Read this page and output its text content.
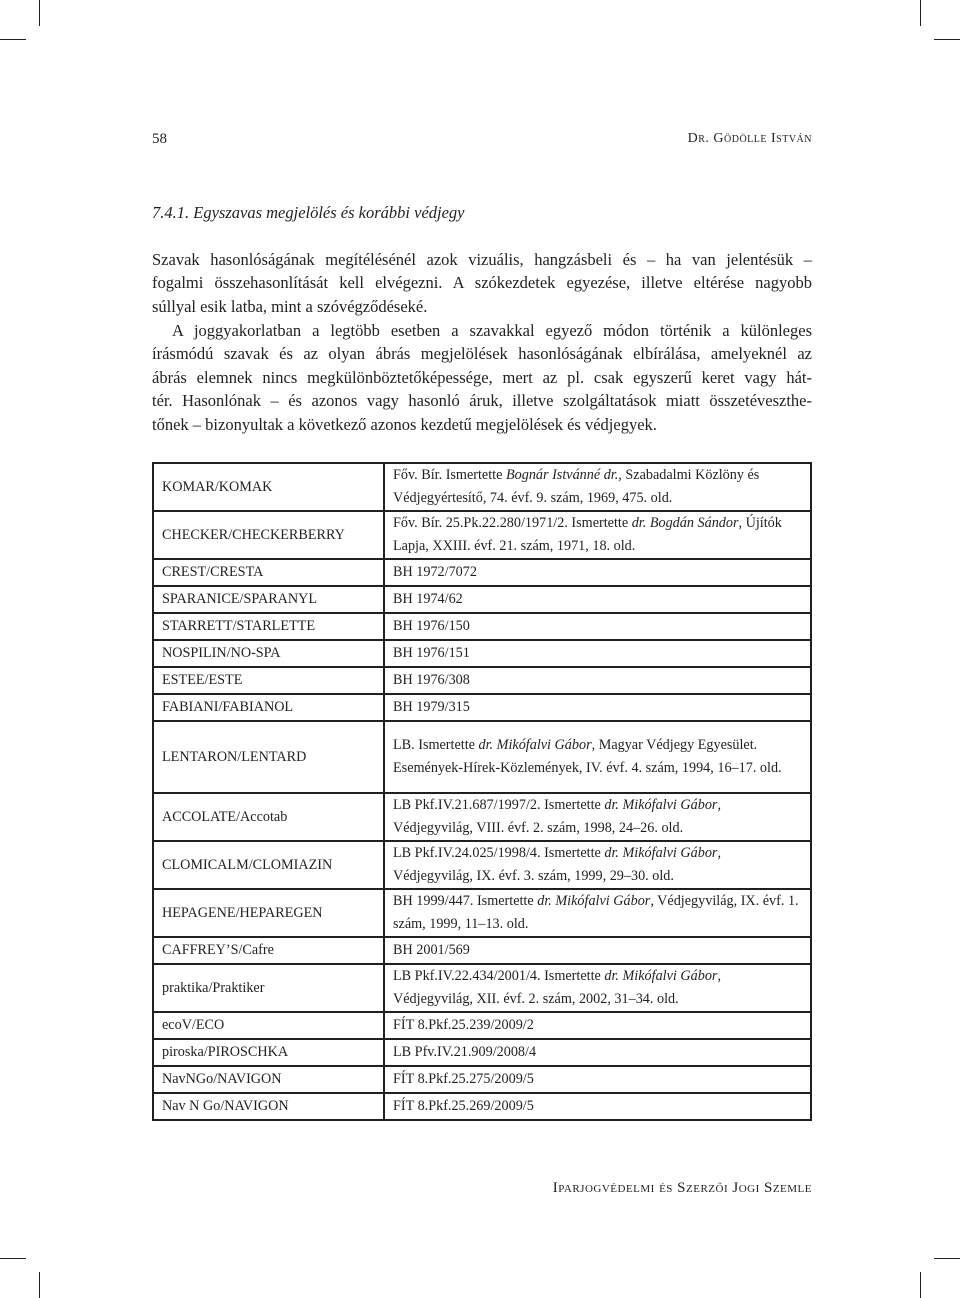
58	Dr. Gödölle István
7.4.1. Egyszavas megjelölés és korábbi védjegy
Szavak hasonlóságának megítélésénél azok vizuális, hangzásbeli és – ha van jelentésük –
fogalmi összehasonlítását kell elvégezni. A szókezdetek egyezése, illetve eltérése nagyobb
súllyal esik latba, mint a szóvégződéseké.
A joggyakorlatban a legtöbb esetben a szavakkal egyező módon történik a különleges
írásmódú szavak és az olyan ábrás megjelölések hasonlóságának elbírálása, amelyeknél az
ábrás elemnek nincs megkülönböztetőképessége, mert az pl. csak egyszerű keret vagy hát-
tér. Hasonlónak – és azonos vagy hasonló áruk, illetve szolgáltatások miatt összetéveszthe-
tőnek – bizonyultak a következő azonos kezdetű megjelölések és védjegyek.
KOMAR/KOMAK	Főv. Bír. Ismertette Bognár Istvánné dr., Szabadalmi Közlöny és Védjegyértesítő, 74. évf. 9. szám, 1969, 475. old.
CHECKER/CHECKERBERRY	Főv. Bír. 25.Pk.22.280/1971/2. Ismertette dr. Bogdán Sándor, Újítók Lapja, XXIII. évf. 21. szám, 1971, 18. old.
CREST/CRESTA	BH 1972/7072
SPARANICE/SPARANYL	BH 1974/62
STARRETT/STARLETTE	BH 1976/150
NOSPILIN/NO-SPA	BH 1976/151
ESTEE/ESTE	BH 1976/308
FABIANI/FABIANOL	BH 1979/315
LENTARON/LENTARD	LB. Ismertette dr. Mikófalvi Gábor, Magyar Védjegy Egyesület. Események-Hírek-Közlemények, IV. évf. 4. szám, 1994, 16–17. old.
ACCOLATE/Accotab	LB Pkf.IV.21.687/1997/2. Ismertette dr. Mikófalvi Gábor, Védjegyvilág, VIII. évf. 2. szám, 1998, 24–26. old.
CLOMICALM/CLOMIAZIN	LB Pkf.IV.24.025/1998/4. Ismertette dr. Mikófalvi Gábor, Védjegyvilág, IX. évf. 3. szám, 1999, 29–30. old.
HEPAGENE/HEPAREGEN	BH 1999/447. Ismertette dr. Mikófalvi Gábor, Védjegyvilág, IX. évf. 1. szám, 1999, 11–13. old.
CAFFREY’S/Cafre	BH 2001/569
praktika/Praktiker	LB Pkf.IV.22.434/2001/4. Ismertette dr. Mikófalvi Gábor, Védjegyvilág, XII. évf. 2. szám, 2002, 31–34. old.
ecoV/ECO	FÍT 8.Pkf.25.239/2009/2
piroska/PIROSCHKA	LB Pfv.IV.21.909/2008/4
NavNGo/NAVIGON	FÍT 8.Pkf.25.275/2009/5
Nav N Go/NAVIGON	FÍT 8.Pkf.25.269/2009/5
Iparjogvédelmi és Szerzői Jogi Szemle
